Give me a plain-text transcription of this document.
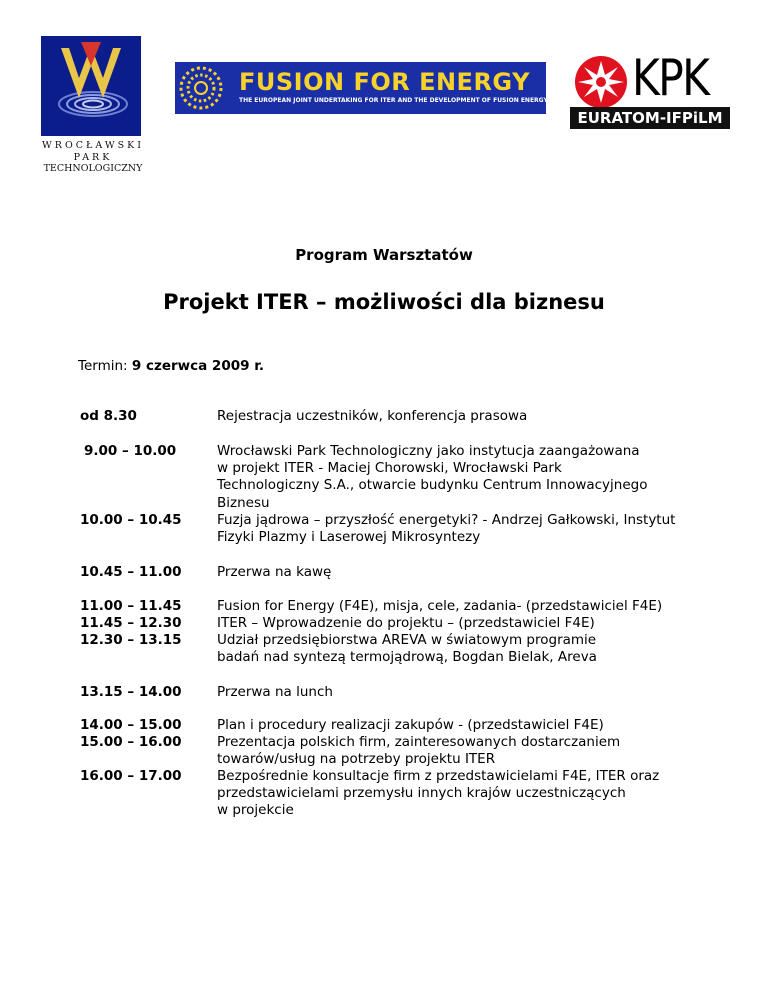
WROCŁAWSKI
PARK
TECHNOLOGICZNY
FUSION FOR ENERGY
THE EUROPEAN JOINT UNDERTAKING FOR ITER AND THE DEVELOPMENT OF FUSION ENERGY KPK
EURATOM-IFPiLM
Program Warsztatów
Projekt ITER – możliwości dla biznesu
Termin: 9 czerwca 2009 r.
od 8.30
9.00 – 10.00
10.00 – 10.45
10.45 – 11.00
11.00 – 11.45
11.45 – 12.30
12.30 – 13.15
13.15 – 14.00
14.00 – 15.00
15.00 – 16.00
16.00 – 17.00
Rejestracja uczestników, konferencja prasowa
Wrocławski Park Technologiczny jako instytucja zaangażowana
w projekt ITER - Maciej Chorowski, Wrocławski Park
Technologiczny S.A., otwarcie budynku Centrum Innowacyjnego
Biznesu
Fuzja jądrowa – przyszłość energetyki? - Andrzej Gałkowski, Instytut
Fizyki Plazmy i Laserowej Mikrosyntezy
Przerwa na kawę
Fusion for Energy (F4E), misja, cele, zadania- (przedstawiciel F4E)
ITER – Wprowadzenie do projektu – (przedstawiciel F4E)
Udział przedsiębiorstwa AREVA w światowym programie
badań nad syntezą termojądrową, Bogdan Bielak, Areva
Przerwa na lunch
Plan i procedury realizacji zakupów - (przedstawiciel F4E)
Prezentacja polskich firm, zainteresowanych dostarczaniem
towarów/usług na potrzeby projektu ITER
Bezpośrednie konsultacje firm z przedstawicielami F4E, ITER oraz
przedstawicielami przemysłu innych krajów uczestniczących
w projekcie
